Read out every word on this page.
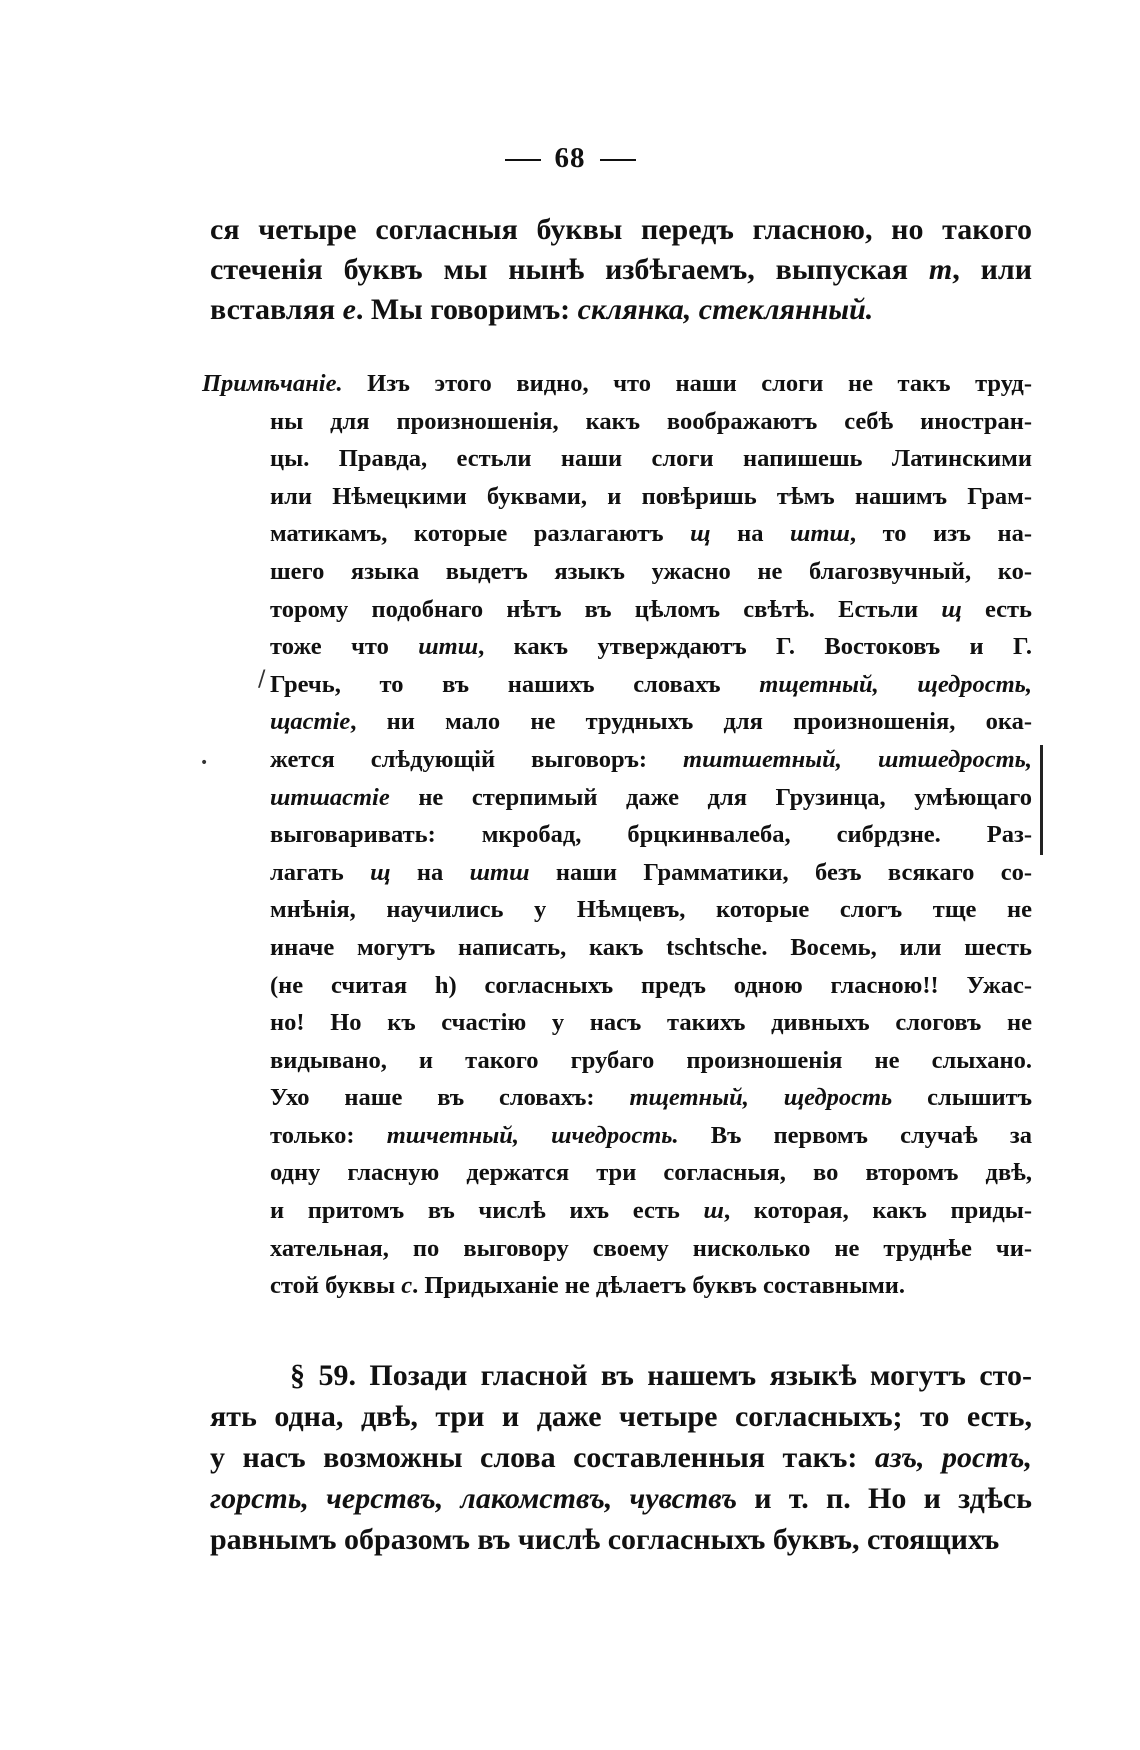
68
ся четыре согласныя буквы передъ гласною, но такого
стеченія буквъ мы нынѣ избѣгаемъ, выпуская т, или
вставляя е. Мы говоримъ: склянка, стеклянный.
Примѣчаніе. Изъ этого видно, что наши слоги не такъ труд-
ны для произношенія, какъ воображаютъ себѣ иностран-
цы. Правда, естьли наши слоги напишешь Латинскими
или Нѣмецкими буквами, и повѣришь тѣмъ нашимъ Грам-
матикамъ, которые разлагаютъ щ на штш, то изъ на-
шего языка выдетъ языкъ ужасно не благозвучный, ко-
торому подобнаго нѣтъ въ цѣломъ свѣтѣ. Естьли щ есть
тоже что штш, какъ утверждаютъ Г. Востоковъ и Г.
Гречь, то въ нашихъ словахъ тщетный, щедрость,
щастіе, ни мало не трудныхъ для произношенія, ока-
жется слѣдующій выговоръ: тштшетный, штшедрость,
штшастіе не стерпимый даже для Грузинца, умѣющаго
выговаривать: мкробад, брцкинвалеба, сибрдзне. Раз-
лагать щ на штш наши Грамматики, безъ всякаго со-
мнѣнія, научились у Нѣмцевъ, которые слогъ тще не
иначе могутъ написать, какъ tschtsche. Восемь, или шесть
(не считая h) согласныхъ предъ одною гласною!! Ужас-
но! Но къ счастію у насъ такихъ дивныхъ слоговъ не
видывано, и такого грубаго произношенія не слыхано.
Ухо наше въ словахъ: тщетный, щедрость слышитъ
только: тшчетный, шчедрость. Въ первомъ случаѣ за
одну гласную держатся три согласныя, во второмъ двѣ,
и притомъ въ числѣ ихъ есть ш, которая, какъ приды-
хательная, по выговору своему нисколько не труднѣе чи-
стой буквы с. Придыханіе не дѣлаетъ буквъ составными.
§ 59. Позади гласной въ нашемъ языкѣ могутъ сто-
ять одна, двѣ, три и даже четыре согласныхъ; то есть,
у насъ возможны слова составленныя такъ: азъ, ростъ,
горсть, черствъ, лакомствъ, чувствъ и т. п. Но и здѣсь
равнымъ образомъ въ числѣ согласныхъ буквъ, стоящихъ
/
•
